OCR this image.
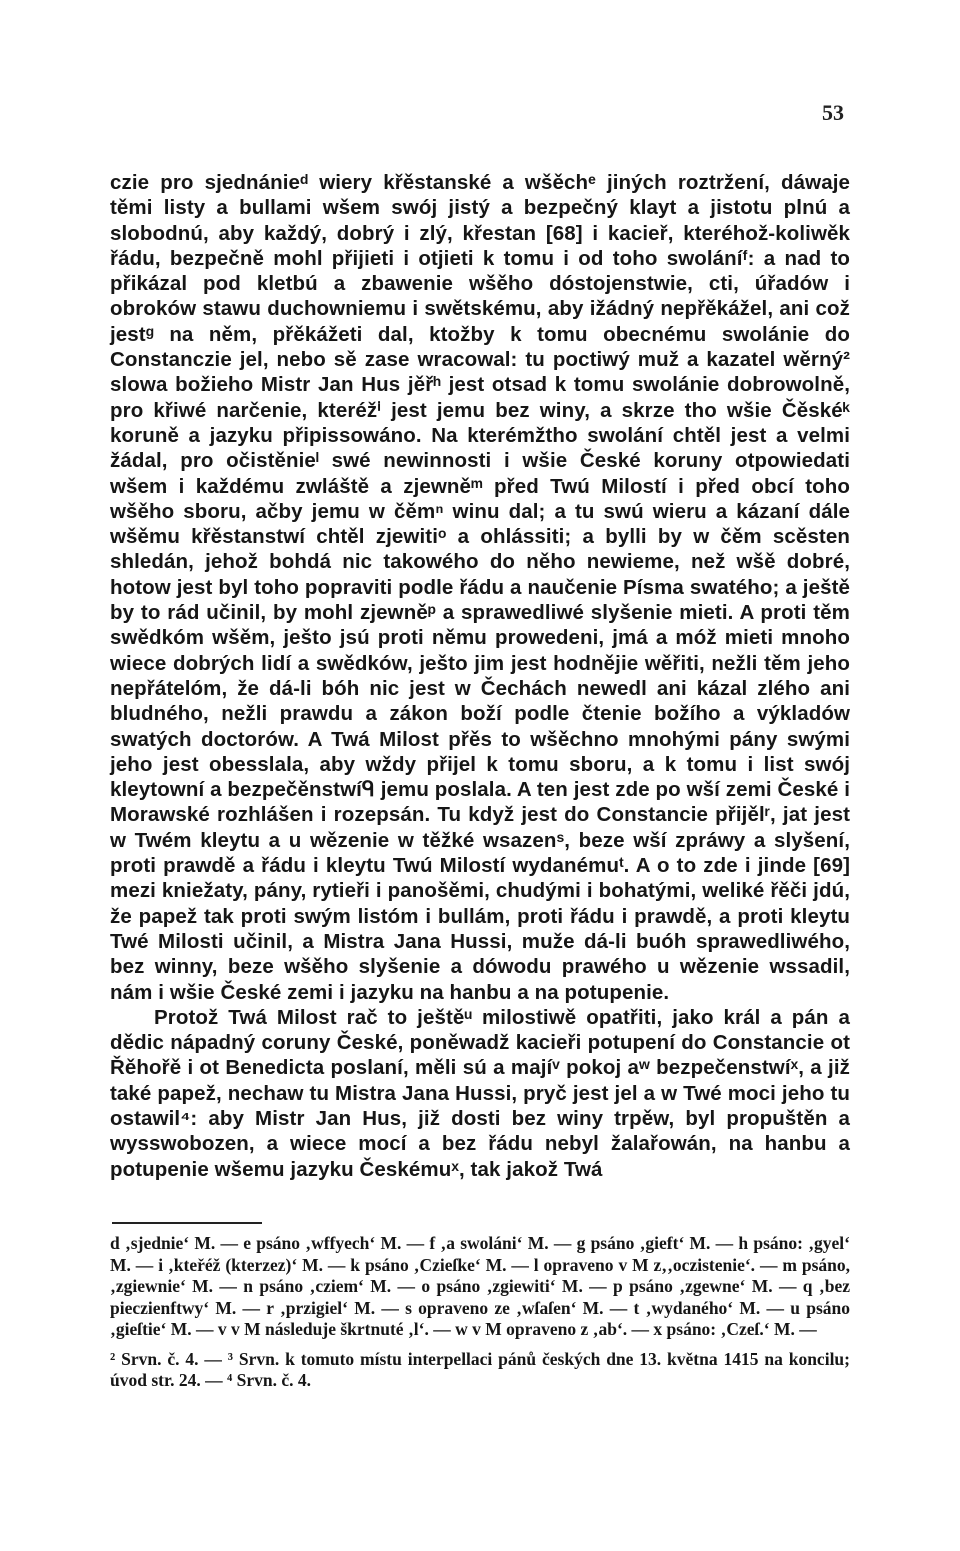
53

czie pro sjednánieᵈ wiery křěstanské a wšěchᵉ jiných roztržení, dáwaje těmi listy a bullami wšem swój jistý a bezpečný klayt a jistotu plnú a slobodnú, aby každý, dobrý i zlý, křestan [68] i kacieř, kteréhož-koliwěk řádu, bezpečně mohl přijieti i otjieti k tomu i od toho swoláníᶠ: a nad to přikázal pod kletbú a zbawenie wšěho dóstojenstwie, cti, úřadów i obroków stawu duchowniemu i swětskému, aby ižádný nepřěkážel, ani což jestᵍ na něm, přěkážeti dal, ktožby k tomu obecnému swolánie do Constanczie jel, nebo sě zase wracowal: tu poctiwý muž a kazatel wěrný² slowa božieho Mistr Jan Hus jěřʰ jest otsad k tomu swolánie dobrowolně, pro křiwé narčenie, kteréžⁱ jest jemu bez winy, a skrze tho wšie Čěskéᵏ koruně a jazyku připissowáno. Na kterémžtho swolání chtěl jest a velmi žádal, pro očistěnieˡ swé newinnosti i wšie České koruny otpowiedati wšem i každému zwláště a zjewněᵐ před Twú Milostí i před obcí toho wšěho sboru, ačby jemu w čěmⁿ winu dal; a tu swú wieru a kázaní dále wšěmu křěstanstwí chtěl zjewitiᵒ a ohlássiti; a bylli by w čěm scěsten shledán, jehož bohdá nic takowého do něho newieme, než wšě dobré, hotow jest byl toho popraviti podle řádu a naučenie Písma swatého; a ještě by to rád učinil, by mohl zjewněᵖ a sprawedliwé slyšenie mieti. A proti těm swědkóm wšěm, ješto jsú proti němu prowedeni, jmá a móž mieti mnoho wiece dobrých lidí a swědków, ješto jim jest hodnějie wěřiti, nežli těm jeho nepřátelóm, že dá-li bóh nic jest w Čechách newedl ani kázal zlého ani bludného, nežli prawdu a zákon boží podle čtenie božího a výkladów swatých doctorów. A Twá Milost přěs to wšěchno mnohými pány swými jeho jest obesslala, aby wždy přijel k tomu sboru, a k tomu i list swój kleytowní a bezpečěnstwíᑫ jemu poslala. A ten jest zde po wší zemi České i Morawské rozhlášen i rozepsán. Tu když jest do Constancie přijělʳ, jat jest w Twém kleytu a u wězenie w těžké wsazenˢ, beze wší zpráwy a slyšení, proti prawdě a řádu i kleytu Twú Milostí wydanémuᵗ. A o to zde i jinde [69] mezi kniežaty, pány, rytieři i panošěmi, chudými i bohatými, weliké řěči jdú, že papež tak proti swým listóm i bullám, proti řádu i prawdě, a proti kleytu Twé Milosti učinil, a Mistra Jana Hussi, muže dá-li buóh sprawedliwého, bez winny, beze wšěho slyšenie a dówodu prawého u wězenie wssadil, nám i wšie České zemi i jazyku na hanbu a na potupenie.

Protož Twá Milost rač to ještěᵘ milostiwě opatřiti, jako král a pán a dědic nápadný coruny České, poněwadž kacieři potupení do Constancie ot Řěhořě i ot Benedicta poslaní, měli sú a majíᵛ pokoj aʷ bezpečenstwíˣ, a již také papež, nechaw tu Mistra Jana Hussi, pryč jest jel a w Twé moci jeho tu ostawil⁴: aby Mistr Jan Hus, již dosti bez winy trpěw, byl propuštěn a wysswobozen, a wiece mocí a bez řádu nebyl žalařowán, na hanbu a potupenie wšemu jazyku Českémuˣ, tak jakož Twá

d ‚sjednie‘ M. — e psáno ‚wffyech‘ M. — f ‚a swoláni‘ M. — g psáno ‚gieft‘ M. — h psáno: ‚gyel‘ M. — i ‚kteřéž (kterzez)‘ M. — k psáno ‚Czieſke‘ M. — l opraveno v M z‚‚oczistenie‘. — m psáno, ‚zgiewnie‘ M. — n psáno ‚cziem‘ M. — o psáno ‚zgiewiti‘ M. — p psáno ‚zgewne‘ M. — q ‚bez pieczienftwy‘ M. — r ‚przigiel‘ M. — s opraveno ze ‚wſaſen‘ M. — t ‚wydaného‘ M. — u psáno ‚gieſtie‘ M. — v v M následuje škrtnuté ‚l‘. — w v M opraveno z ‚ab‘. — x psáno: ‚Czeſ.‘ M. —

² Srvn. č. 4. — ³ Srvn. k tomuto místu interpellaci pánů českých dne 13. května 1415 na koncilu; úvod str. 24. — ⁴ Srvn. č. 4.
